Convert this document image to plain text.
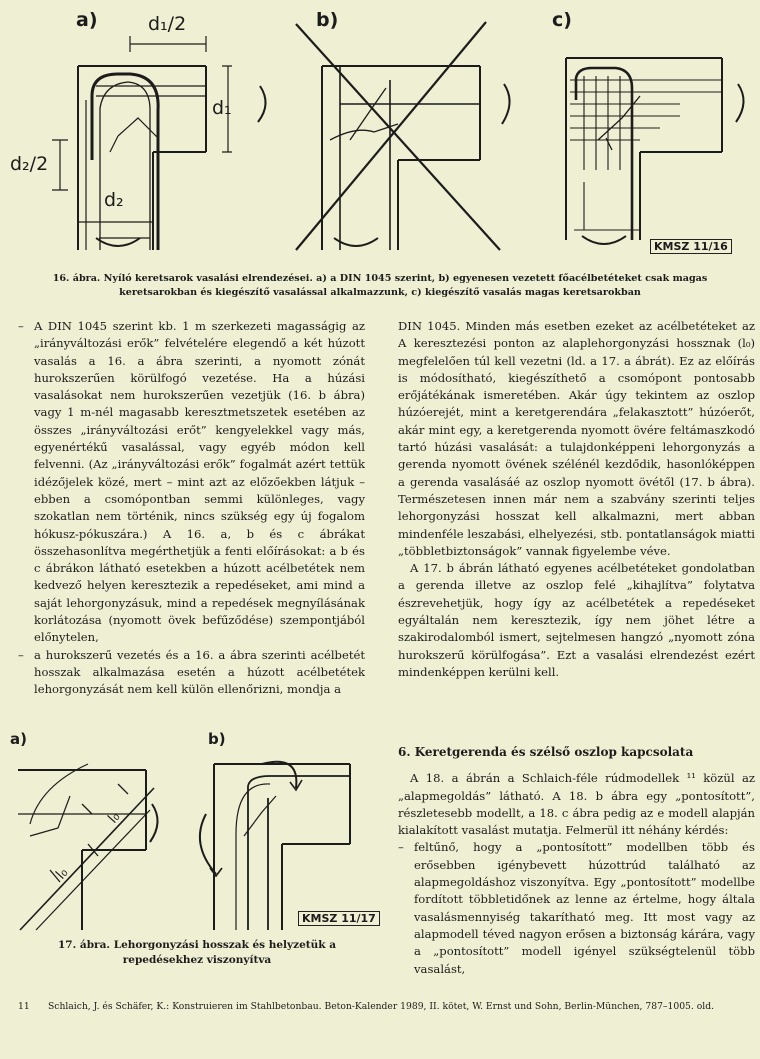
a)	b)	c)
d₁/2
d₁
d₂/2
d₂
KMSZ 11/16
16. ábra. Nyíló keretsarok vasalási elrendezései. a) a DIN 1045 szerint, b) egyenesen vezetett főacélbetéteket csak magas keretsarokban és kiegészítő vasalással alkalmazzunk, c) kiegészítő vasalás magas keretsarokban

– A DIN 1045 szerint kb. 1 m szerkezeti magasságig az „irányváltozási erők” felvételére elegendő a két húzott vasalás a 16. a ábra szerinti, a nyomott zónát hurokszerűen körülfogó vezetése. Ha a húzási vasalásokat nem hurokszerűen vezetjük (16. b ábra) vagy 1 m-nél magasabb keresztmetszetek esetében az összes „irányváltozási erőt” kengyelekkel vagy más, egyenértékű vasalással, vagy egyéb módon kell felvenni. (Az „irányváltozási erők” fogalmát azért tettük idézőjelek közé, mert – mint azt az előzőekben látjuk – ebben a csomópontban semmi különleges, vagy szokatlan nem történik, nincs szükség egy új fogalom hókusz-pókuszára.) A 16. a, b és c ábrákat összehasonlítva megérthetjük a fenti előírásokat: a b és c ábrákon látható esetekben a húzott acélbetétek nem kedvező helyen keresztezik a repedéseket, ami mind a saját lehorgonyzásuk, mind a repedések megnyílásának korlátozása (nyomott övek befűződése) szempontjából előnytelen,

– a hurokszerű vezetés és a 16. a ábra szerinti acélbetét hosszak alkalmazása esetén a húzott acélbetétek lehorgonyzását nem kell külön ellenőrizni, mondja a

DIN 1045. Minden más esetben ezeket az acélbetéteket az A keresztezési ponton az alaplehorgonyzási hossznak (l₀) megfelelően túl kell vezetni (ld. a 17. a ábrát). Ez az előírás is módosítható, kiegészíthető a csomópont pontosabb erőjátékának ismeretében. Akár úgy tekintem az oszlop húzóerejét, mint a keretgerendára „felakasztott” húzóerőt, akár mint egy, a keretgerenda nyomott övére feltámaszkodó tartó húzási vasalását: a tulajdonképpeni lehorgonyzás a gerenda nyomott övének szélénél kezdődik, hasonlóképpen a gerenda vasalásáé az oszlop nyomott övétől (17. b ábra). Természetesen innen már nem a szabvány szerinti teljes lehorgonyzási hosszat kell alkalmazni, mert abban mindenféle leszabási, elhelyezési, stb. pontatlanságok miatti „többletbiztonságok” vannak figyelembe véve.

A 17. b ábrán látható egyenes acélbetéteket gondolatban a gerenda illetve az oszlop felé „kihajlítva” folytatva észrevehetjük, hogy így az acélbetétek a repedéseket egyáltalán nem keresztezik, így nem jöhet létre a szakirodalomból ismert, sejtelmesen hangzó „nyomott zóna hurokszerű körülfogása”. Ezt a vasalási elrendezést ezért mindenképpen kerülni kell.

6. Keretgerenda és szélső oszlop kapcsolata

A 18. a ábrán a Schlaich-féle rúdmodellek ¹¹ közül az „alapmegoldás” látható. A 18. b ábra egy „pontosított”, részletesebb modellt, a 18. c ábra pedig az e modell alapján kialakított vasalást mutatja. Felmerül itt néhány kérdés:

– feltűnő, hogy a „pontosított” modellben több és erősebben igénybevett húzottrúd található az alapmegoldáshoz viszonyítva. Egy „pontosított” modellbe fordított többletidőnek az lenne az értelme, hogy általa vasalásmennyiség takarítható meg. Itt most vagy az alapmodell téved nagyon erősen a biztonság kárára, vagy a „pontosított” modell igényel szükségtelenül több vasalást,

a)	b)
l₀
l₀
KMSZ 11/17
17. ábra. Lehorgonyzási hosszak és helyzetük a repedésekhez viszonyítva
11 Schlaich, J. és Schäfer, K.: Konstruieren im Stahlbetonbau. Beton-Kalender 1989, II. kötet, W. Ernst und Sohn, Berlin-München, 787–1005. old.
